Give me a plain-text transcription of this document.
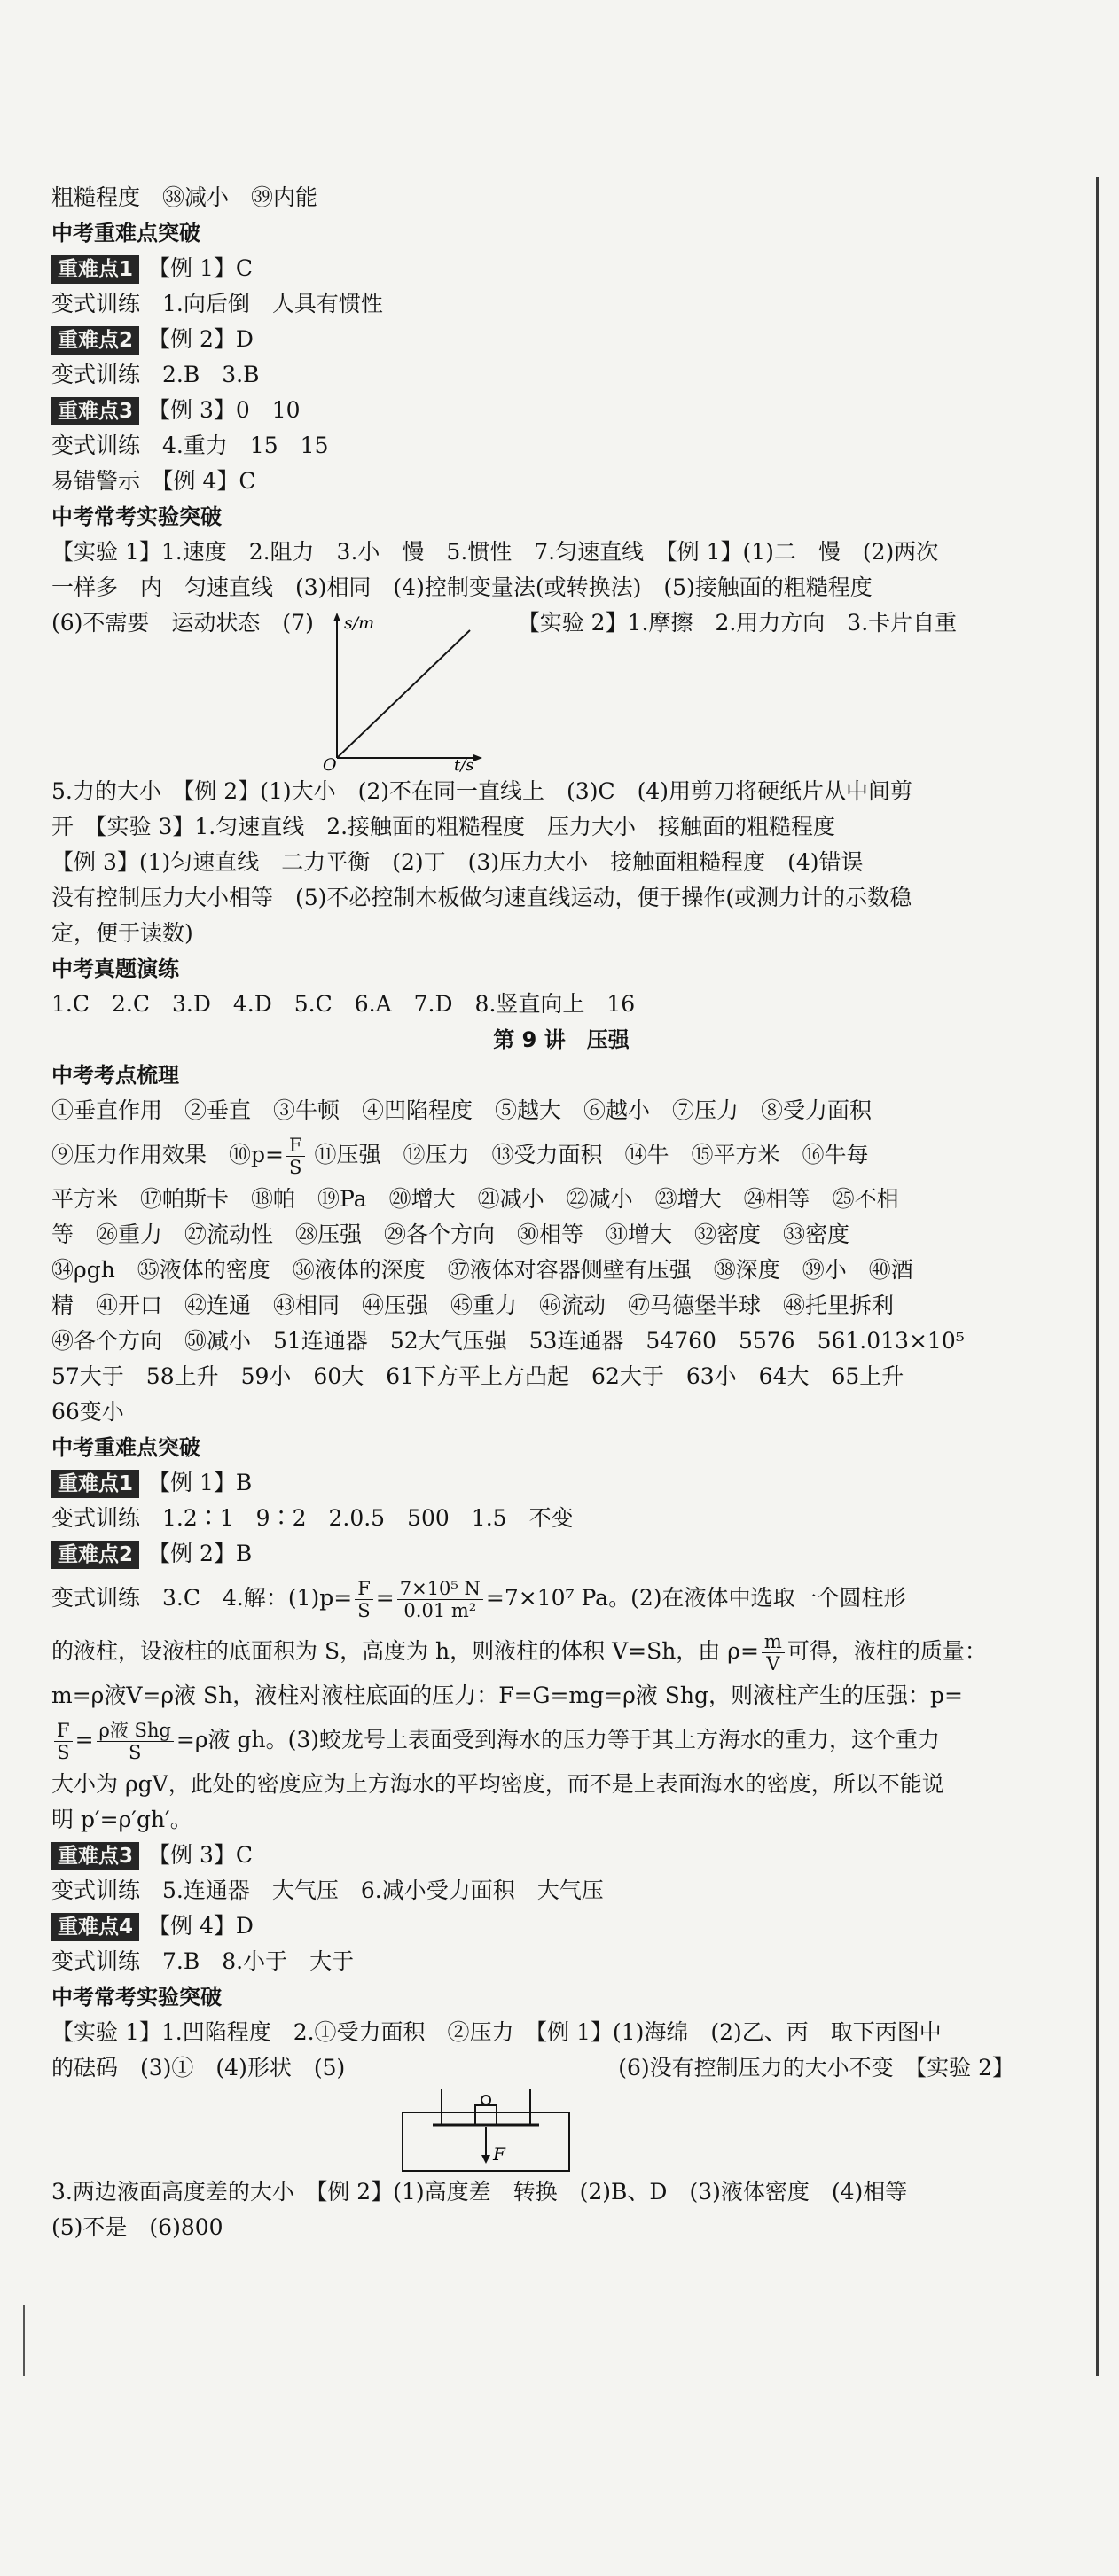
粗糙程度　㊳减小　㊴内能
中考重难点突破
重难点1 【例 1】C
变式训练　1.向后倒　人具有惯性
重难点2 【例 2】D
变式训练　2.B　3.B
重难点3 【例 3】0　10
变式训练　4.重力　15　15
易错警示　【例 4】C
中考常考实验突破
【实验 1】1.速度　2.阻力　3.小　慢　5.惯性　7.匀速直线　【例 1】(1)二　慢　(2)两次
一样多　内　匀速直线　(3)相同　(4)控制变量法(或转换法)　(5)接触面的粗糙程度
(6)不需要　运动状态　(7) s/m
t/s
O
【实验 2】1.摩擦　2.用力方向　3.卡片自重
5.力的大小　【例 2】(1)大小　(2)不在同一直线上　(3)C　(4)用剪刀将硬纸片从中间剪
开　【实验 3】1.匀速直线　2.接触面的粗糙程度　压力大小　接触面的粗糙程度
【例 3】(1)匀速直线　二力平衡　(2)丁　(3)压力大小　接触面粗糙程度　(4)错误
没有控制压力大小相等　(5)不必控制木板做匀速直线运动，便于操作(或测力计的示数稳
定，便于读数)
中考真题演练
1.C　2.C　3.D　4.D　5.C　6.A　7.D　8.竖直向上　16
第 9 讲　压强
中考考点梳理
①垂直作用　②垂直　③牛顿　④凹陷程度　⑤越大　⑥越小　⑦压力　⑧受力面积
⑨压力作用效果　⑩p= $\frac{F}{S}$ ⑪压强　⑫压力　⑬受力面积　⑭牛　⑮平方米　⑯牛每
平方米　⑰帕斯卡　⑱帕　⑲Pa　⑳增大　㉑减小　㉒减小　㉓增大　㉔相等　㉕不相
等　㉖重力　㉗流动性　㉘压强　㉙各个方向　㉚相等　㉛增大　㉜密度　㉝密度
㉞ρgh　㉟液体的密度　㊱液体的深度　㊲液体对容器侧壁有压强　㊳深度　㊴小　㊵酒
精　㊶开口　㊷连通　㊸相同　㊹压强　㊺重力　㊻流动　㊼马德堡半球　㊽托里拆利
㊾各个方向　㊿减小　51连通器　52大气压强　53连通器　54760　5576　561.013×10⁵
57大于　58上升　59小　60大　61下方平上方凸起　62大于　63小　64大　65上升
66变小
中考重难点突破
重难点1 【例 1】B
变式训练　1.2∶1　9∶2　2.0.5　500　1.5　不变
重难点2 【例 2】B
变式训练　3.C　4.解：$(1)p= \frac{F}{S} = \frac{\text{7×10⁵ N}}{\text{0.01 m²}} =7\times 10^7$ Pa。(2)在液体中选取一个圆柱形
的液柱，设液柱的底面积为 S，高度为 h，则液柱的体积 V=Sh，由 $\rho= \frac{m}{V}$ 可得，液柱的质量：
m=ρ液V=ρ液 Sh，液柱对液柱底面的压力：F=G=mg=ρ液 Shg，则液柱产生的压强：p=
$\frac{F}{S} = \frac{\text{ρ液 Shg}}{S} =\rho$液 gh。(3)蛟龙号上表面受到海水的压力等于其上方海水的重力，这个重力
大小为 ρgV，此处的密度应为上方海水的平均密度，而不是上表面海水的密度，所以不能说
明 p′=ρ′gh′。
重难点3 【例 3】C
变式训练　5.连通器　大气压　6.减小受力面积　大气压
重难点4 【例 4】D
变式训练　7.B　8.小于　大于
中考常考实验突破
【实验 1】1.凹陷程度　2.①受力面积　②压力　【例 1】(1)海绵　(2)乙、丙　取下丙图中
的砝码　(3)①　(4)形状　(5)	(6)没有控制压力的大小不变　【实验 2】
F
3.两边液面高度差的大小　【例 2】(1)高度差　转换　(2)B、D　(3)液体密度　(4)相等
(5)不是　(6)800
